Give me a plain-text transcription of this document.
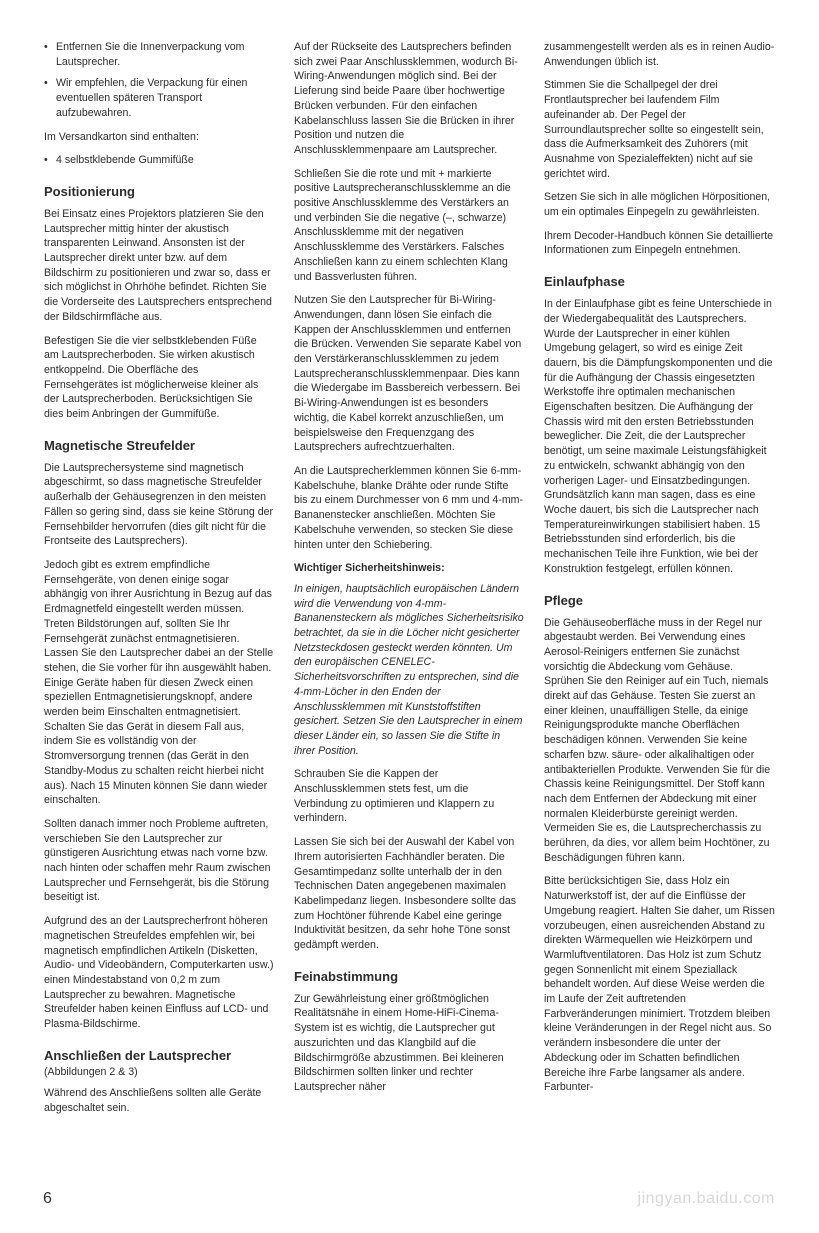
• Entfernen Sie die Innenverpackung vom Lautsprecher.
• Wir empfehlen, die Verpackung für einen eventuellen späteren Transport aufzubewahren.

Im Versandkarton sind enthalten:

• 4 selbstklebende Gummifüße
Positionierung

Bei Einsatz eines Projektors platzieren Sie den Lautsprecher mittig hinter der akustisch transparenten Leinwand. Ansonsten ist der Lautsprecher direkt unter bzw. auf dem Bildschirm zu positionieren und zwar so, dass er sich möglichst in Ohrhöhe befindet. Richten Sie die Vorderseite des Lautsprechers entsprechend der Bildschirmfläche aus.

Befestigen Sie die vier selbstklebenden Füße am Lautsprecherboden. Sie wirken akustisch entkoppelnd. Die Oberfläche des Fernsehgerätes ist möglicherweise kleiner als der Lautsprecherboden. Berücksichtigen Sie dies beim Anbringen der Gummifüße.

Magnetische Streufelder

Die Lautsprechersysteme sind magnetisch abgeschirmt, so dass magnetische Streufelder außerhalb der Gehäusegrenzen in den meisten Fällen so gering sind, dass sie keine Störung der Fernsehbilder hervorrufen (dies gilt nicht für die Frontseite des Lautsprechers).

Jedoch gibt es extrem empfindliche Fernsehgeräte, von denen einige sogar abhängig von ihrer Ausrichtung in Bezug auf das Erdmagnetfeld eingestellt werden müssen. Treten Bildstörungen auf, sollten Sie Ihr Fernsehgerät zunächst entmagnetisieren. Lassen Sie den Lautsprecher dabei an der Stelle stehen, die Sie vorher für ihn ausgewählt haben. Einige Geräte haben für diesen Zweck einen speziellen Entmagnetisierungsknopf, andere werden beim Einschalten entmagnetisiert. Schalten Sie das Gerät in diesem Fall aus, indem Sie es vollständig von der Stromversorgung trennen (das Gerät in den Standby-Modus zu schalten reicht hierbei nicht aus). Nach 15 Minuten können Sie dann wieder einschalten.

Sollten danach immer noch Probleme auftreten, verschieben Sie den Lautsprecher zur günstigeren Ausrichtung etwas nach vorne bzw. nach hinten oder schaffen mehr Raum zwischen Lautsprecher und Fernsehgerät, bis die Störung beseitigt ist.

Aufgrund des an der Lautsprecherfront höheren magnetischen Streufeldes empfehlen wir, bei magnetisch empfindlichen Artikeln (Disketten, Audio- und Videobändern, Computerkarten usw.) einen Mindestabstand von 0,2 m zum Lautsprecher zu bewahren. Magnetische Streufelder haben keinen Einfluss auf LCD- und Plasma-Bildschirme.

Anschließen der Lautsprecher

(Abbildungen 2 & 3)

Während des Anschließens sollten alle Geräte abgeschaltet sein.

Auf der Rückseite des Lautsprechers befinden sich zwei Paar Anschlussklemmen, wodurch Bi-Wiring-Anwendungen möglich sind. Bei der Lieferung sind beide Paare über hochwertige Brücken verbunden. Für den einfachen Kabelanschluss lassen Sie die Brücken in ihrer Position und nutzen die Anschlussklemmenpaare am Lautsprecher.

Schließen Sie die rote und mit + markierte positive Lautsprecheranschlussklemme an die positive Anschlussklemme des Verstärkers an und verbinden Sie die negative (–, schwarze) Anschlussklemme mit der negativen Anschlussklemme des Verstärkers. Falsches Anschließen kann zu einem schlechten Klang und Bassverlusten führen.

Nutzen Sie den Lautsprecher für Bi-Wiring-Anwendungen, dann lösen Sie einfach die Kappen der Anschlussklemmen und entfernen die Brücken. Verwenden Sie separate Kabel von den Verstärkeranschlussklemmen zu jedem Lautsprecheranschlussklemmenpaar. Dies kann die Wiedergabe im Bassbereich verbessern. Bei Bi-Wiring-Anwendungen ist es besonders wichtig, die Kabel korrekt anzuschließen, um beispielsweise den Frequenzgang des Lautsprechers aufrechtzuerhalten.

An die Lautsprecherklemmen können Sie 6-mm-Kabelschuhe, blanke Drähte oder runde Stifte bis zu einem Durchmesser von 6 mm und 4-mm-Bananenstecker anschließen. Möchten Sie Kabelschuhe verwenden, so stecken Sie diese hinten unter den Schiebering.

Wichtiger Sicherheitshinweis:

In einigen, hauptsächlich europäischen Ländern wird die Verwendung von 4-mm-Bananensteckern als mögliches Sicherheitsrisiko betrachtet, da sie in die Löcher nicht gesicherter Netzsteckdosen gesteckt werden könnten. Um den europäischen CENELEC-Sicherheitsvorschriften zu entsprechen, sind die 4-mm-Löcher in den Enden der Anschlussklemmen mit Kunststoffstiften gesichert. Setzen Sie den Lautsprecher in einem dieser Länder ein, so lassen Sie die Stifte in ihrer Position.

Schrauben Sie die Kappen der Anschlussklemmen stets fest, um die Verbindung zu optimieren und Klappern zu verhindern.

Lassen Sie sich bei der Auswahl der Kabel von Ihrem autorisierten Fachhändler beraten. Die Gesamtimpedanz sollte unterhalb der in den Technischen Daten angegebenen maximalen Kabelimpedanz liegen. Insbesondere sollte das zum Hochtöner führende Kabel eine geringe Induktivität besitzen, da sehr hohe Töne sonst gedämpft werden.

Feinabstimmung

Zur Gewährleistung einer größtmöglichen Realitätsnähe in einem Home-HiFi-Cinema-System ist es wichtig, die Lautsprecher gut auszurichten und das Klangbild auf die Bildschirmgröße abzustimmen. Bei kleineren Bildschirmen sollten linker und rechter Lautsprecher näher

zusammengestellt werden als es in reinen Audio-Anwendungen üblich ist.

Stimmen Sie die Schallpegel der drei Frontlautsprecher bei laufendem Film aufeinander ab. Der Pegel der Surroundlautsprecher sollte so eingestellt sein, dass die Aufmerksamkeit des Zuhörers (mit Ausnahme von Spezialeffekten) nicht auf sie gerichtet wird.

Setzen Sie sich in alle möglichen Hörpositionen, um ein optimales Einpegeln zu gewährleisten.

Ihrem Decoder-Handbuch können Sie detaillierte Informationen zum Einpegeln entnehmen.

Einlaufphase

In der Einlaufphase gibt es feine Unterschiede in der Wiedergabequalität des Lautsprechers. Wurde der Lautsprecher in einer kühlen Umgebung gelagert, so wird es einige Zeit dauern, bis die Dämpfungskomponenten und die für die Aufhängung der Chassis eingesetzten Werkstoffe ihre optimalen mechanischen Eigenschaften besitzen. Die Aufhängung der Chassis wird mit den ersten Betriebsstunden beweglicher. Die Zeit, die der Lautsprecher benötigt, um seine maximale Leistungsfähigkeit zu entwickeln, schwankt abhängig von den vorherigen Lager- und Einsatzbedingungen. Grundsätzlich kann man sagen, dass es eine Woche dauert, bis sich die Lautsprecher nach Temperatureinwirkungen stabilisiert haben. 15 Betriebsstunden sind erforderlich, bis die mechanischen Teile ihre Funktion, wie bei der Konstruktion festgelegt, erfüllen können.

Pflege

Die Gehäuseoberfläche muss in der Regel nur abgestaubt werden. Bei Verwendung eines Aerosol-Reinigers entfernen Sie zunächst vorsichtig die Abdeckung vom Gehäuse. Sprühen Sie den Reiniger auf ein Tuch, niemals direkt auf das Gehäuse. Testen Sie zuerst an einer kleinen, unauffälligen Stelle, da einige Reinigungsprodukte manche Oberflächen beschädigen können. Verwenden Sie keine scharfen bzw. säure- oder alkalihaltigen oder antibakteriellen Produkte. Verwenden Sie für die Chassis keine Reinigungsmittel. Der Stoff kann nach dem Entfernen der Abdeckung mit einer normalen Kleiderbürste gereinigt werden. Vermeiden Sie es, die Lautsprecherchassis zu berühren, da dies, vor allem beim Hochtöner, zu Beschädigungen führen kann.

Bitte berücksichtigen Sie, dass Holz ein Naturwerkstoff ist, der auf die Einflüsse der Umgebung reagiert. Halten Sie daher, um Rissen vorzubeugen, einen ausreichenden Abstand zu direkten Wärmequellen wie Heizkörpern und Warmluftventilatoren. Das Holz ist zum Schutz gegen Sonnenlicht mit einem Speziallack behandelt worden. Auf diese Weise werden die im Laufe der Zeit auftretenden Farbveränderungen minimiert. Trotzdem bleiben kleine Veränderungen in der Regel nicht aus. So verändern insbesondere die unter der Abdeckung oder im Schatten befindlichen Bereiche ihre Farbe langsamer als andere. Farbunter-

6	jingyan.baidu.com
